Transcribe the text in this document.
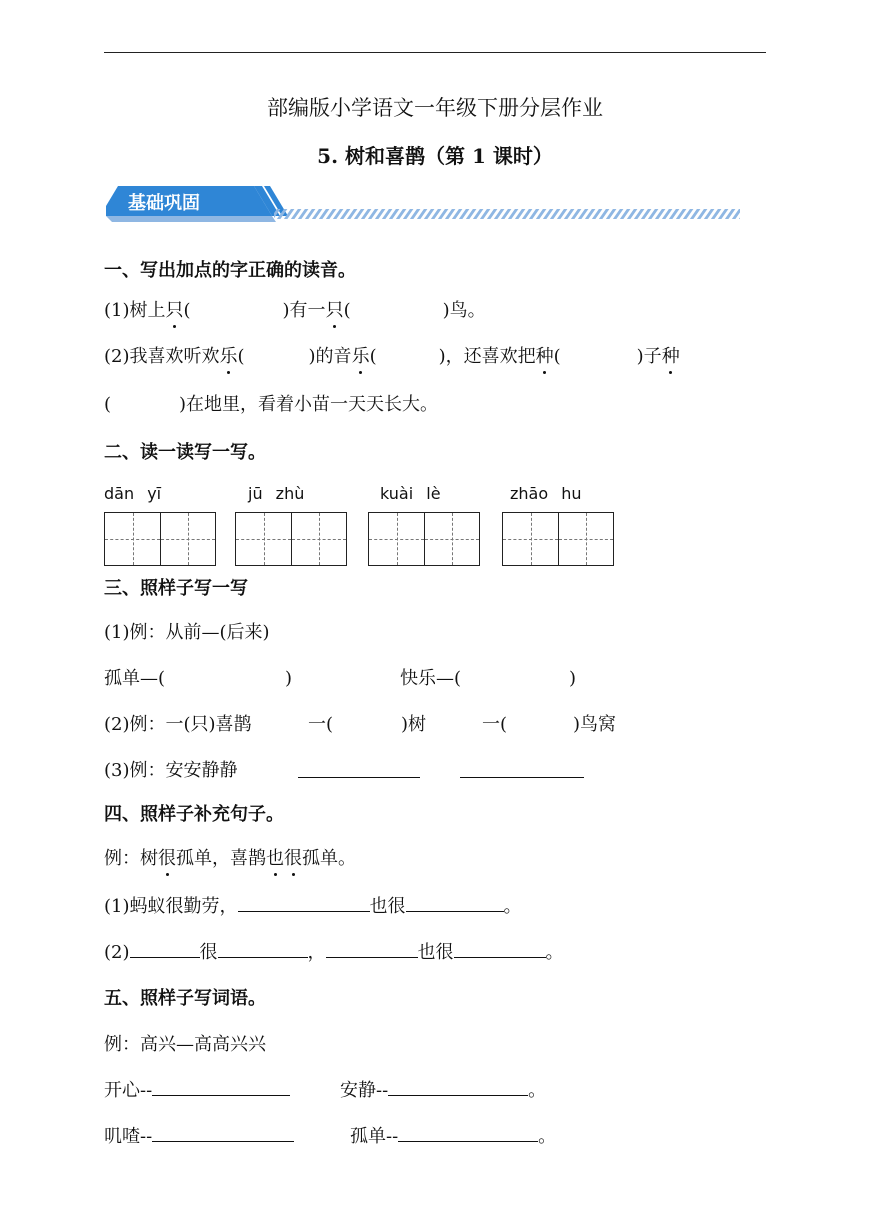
部编版小学语文一年级下册分层作业
5. 树和喜鹊（第 1 课时）
基础巩固
一、写出加点的字正确的读音。
(1)树上只(	)有一只(	)鸟。
(2)我喜欢听欢乐(	)的音乐(	)，还喜欢把种(	)子种
(	)在地里，看着小苗一天天长大。
二、读一读写一写。
dān yī	jū zhù	kuài lè	zhāo hu
三、照样子写一写
(1)例：从前—(后来)
孤单—(	)	快乐—(	)
(2)例：一(只)喜鹊	一(	)树	一(	)鸟窝
(3)例：安安静静
四、照样子补充句子。
例：树很孤单，喜鹊也很孤单。
(1)蚂蚁很勤劳，	也很	。
(2)	很	，	也很	。
五、照样子写词语。
例：高兴—高高兴兴
开心--	安静--	。
叽喳--	孤单--	。
